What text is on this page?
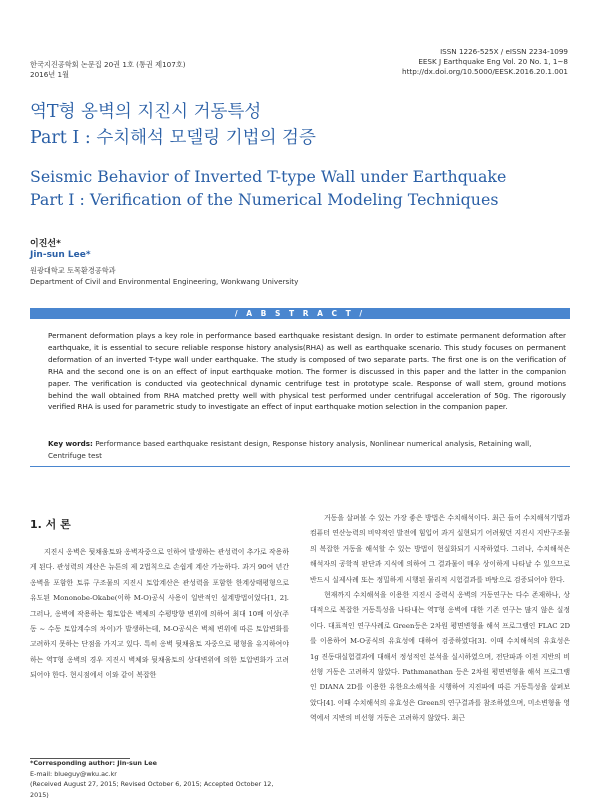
한국지진공학회 논문집 20권 1호 (통권 제107호)
2016년 1월
ISSN 1226-525X / eISSN 2234-1099
EESK J Earthquake Eng Vol. 20 No. 1, 1~8
http://dx.doi.org/10.5000/EESK.2016.20.1.001
역T형 옹벽의 지진시 거동특성
Part Ⅰ : 수치해석 모델링 기법의 검증
Seismic Behavior of Inverted T-type Wall under Earthquake
Part I : Verification of the Numerical Modeling Techniques
이진선*
Jin-sun Lee*
원광대학교 토목환경공학과
Department of Civil and Environmental Engineering, Wonkwang University
/ A B S T R A C T /
Permanent deformation plays a key role in performance based earthquake resistant design. In order to estimate permanent deformation after earthquake, it is essential to secure reliable response history analysis(RHA) as well as earthquake scenario. This study focuses on permanent deformation of an inverted T-type wall under earthquake. The study is composed of two separate parts. The first one is on the verification of RHA and the second one is on an effect of input earthquake motion. The former is discussed in this paper and the latter in the companion paper. The verification is conducted via geotechnical dynamic centrifuge test in prototype scale. Response of wall stem, ground motions behind the wall obtained from RHA matched pretty well with physical test performed under centrifugal acceleration of 50g. The rigorously verified RHA is used for parametric study to investigate an effect of input earthquake motion selection in the companion paper.
Key words: Performance based earthquake resistant design, Response history analysis, Nonlinear numerical analysis, Retaining wall, Centrifuge test
1. 서 론

지진시 옹벽은 뒷채움토와 옹벽자중으로 인하여 발생하는 관성력이 추가로 작용하게 된다. 관성력의 계산은 뉴튼의 제 2법칙으로 손쉽게 계산 가능하다. 과거 90여 년간 옹벽을 포함한 토류 구조물의 지진시 토압계산은 관성력을 포함한 한계상태평형으로 유도된 Mononobe-Okabe(이하 M-O)공식 사용이 일반적인 설계방법이었다[1, 2]. 그러나, 옹벽에 작용하는 횡토압은 벽체의 수평방향 변위에 의하여 최대 10배 이상(주동 ~ 수동 토압계수의 차이)가 발생하는데, M-O공식은 벽체 변위에 따른 토압변화를 고려하지 못하는 단점을 가지고 있다. 특히 옹벽 뒷채움토 자중으로 평형을 유지하여야하는 역T형 옹벽의 경우 지진시 벽체와 뒷채움토의 상대변위에 의한 토압변화가 고려되어야 한다. 현시점에서 이와 같이 복잡한

거동을 살펴볼 수 있는 가장 좋은 방법은 수치해석이다. 최근 들어 수치해석기법과 컴퓨터 연산능력의 비약적인 발전에 힘입어 과거 실현되기 어려웠던 지진시 지반구조물의 복잡한 거동을 해석할 수 있는 방법이 현실화되기 시작하였다. 그러나, 수치해석은 해석자의 공학적 판단과 지식에 의하여 그 결과물이 매우 상이하게 나타날 수 있으므로 반드시 실제사례 또는 정밀하게 시행된 물리적 시험결과를 바탕으로 검증되어야 한다.

현재까지 수치해석을 이용한 지진시 중력식 옹벽의 거동연구는 다수 존재하나, 상대적으로 복잡한 거동특성을 나타내는 역T형 옹벽에 대한 기존 연구는 많지 않은 실정이다. 대표적인 연구사례로 Green등은 2차원 평면변형율 해석 프로그램인 FLAC 2D를 이용하여 M-O공식의 유효성에 대하여 검증하였다[3]. 이때 수치해석의 유효성은 1g 진동대실험결과에 대해서 정성적인 분석을 실시하였으며, 전단파과 이전 지반의 비선형 거동은 고려하지 않았다. Pathmanathan 등은 2차원 평면변형율 해석 프로그램인 DIANA 2D를 이용한 유한요소해석을 시행하여 지진파에 따른 거동특성을 살펴보았다[4]. 이때 수치해석의 유효성은 Green의 연구결과를 참조하였으며, 미소변형율 영역에서 지반의 비선형 거동은 고려하지 않았다. 최근

*Corresponding author: Jin-sun Lee
E-mail: blueguy@wku.ac.kr
(Received August 27, 2015; Revised October 6, 2015; Accepted October 12, 2015)
